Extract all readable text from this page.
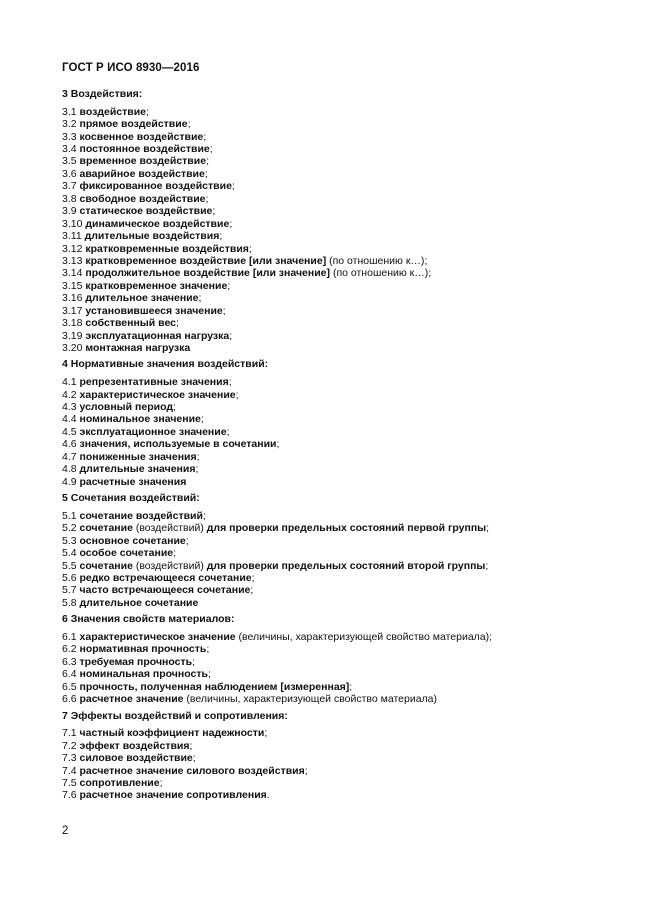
ГОСТ Р ИСО 8930—2016
3 Воздействия:
3.1 воздействие;
3.2 прямое воздействие;
3.3 косвенное воздействие;
3.4 постоянное воздействие;
3.5 временное воздействие;
3.6 аварийное воздействие;
3.7 фиксированное воздействие;
3.8 свободное воздействие;
3.9 статическое воздействие;
3.10 динамическое воздействие;
3.11 длительные воздействия;
3.12 кратковременные воздействия;
3.13 кратковременное воздействие [или значение] (по отношению к…);
3.14 продолжительное воздействие [или значение] (по отношению к…);
3.15 кратковременное значение;
3.16 длительное значение;
3.17 установившееся значение;
3.18 собственный вес;
3.19 эксплуатационная нагрузка;
3.20 монтажная нагрузка
4 Нормативные значения воздействий:
4.1 репрезентативные значения;
4.2 характеристическое значение;
4.3 условный период;
4.4 номинальное значение;
4.5 эксплуатационное значение;
4.6 значения, используемые в сочетании;
4.7 пониженные значения;
4.8 длительные значения;
4.9 расчетные значения
5 Сочетания воздействий:
5.1 сочетание воздействий;
5.2 сочетание (воздействий) для проверки предельных состояний первой группы;
5.3 основное сочетание;
5.4 особое сочетание;
5.5 сочетание (воздействий) для проверки предельных состояний второй группы;
5.6 редко встречающееся сочетание;
5.7 часто встречающееся сочетание;
5.8 длительное сочетание
6 Значения свойств материалов:
6.1 характеристическое значение (величины, характеризующей свойство материала);
6.2 нормативная прочность;
6.3 требуемая прочность;
6.4 номинальная прочность;
6.5 прочность, полученная наблюдением [измеренная];
6.6 расчетное значение (величины, характеризующей свойство материала)
7 Эффекты воздействий и сопротивления:
7.1 частный коэффициент надежности;
7.2 эффект воздействия;
7.3 силовое воздействие;
7.4 расчетное значение силового воздействия;
7.5 сопротивление;
7.6 расчетное значение сопротивления.
2
